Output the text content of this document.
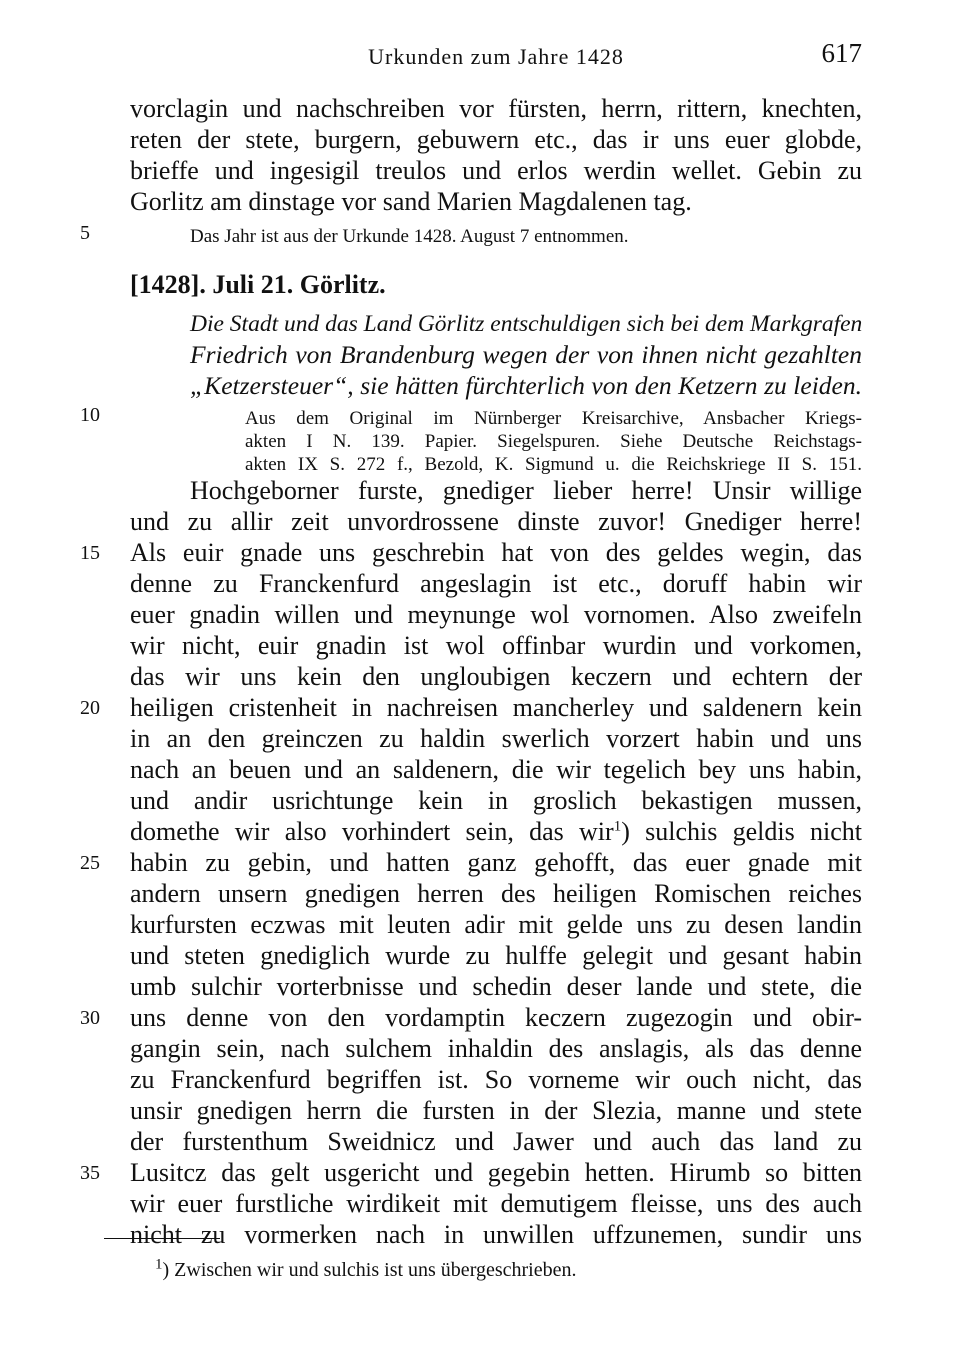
Urkunden zum Jahre 1428	617
vorclagin und nachschreiben vor fürsten, herrn, rittern, knechten,
reten der stete, burgern, gebuwern etc., das ir uns euer globde,
brieffe und ingesigil treulos und erlos werdin wellet. Gebin zu
Gorlitz am dinstage vor sand Marien Magdalenen tag.
Das Jahr ist aus der Urkunde 1428. August 7 entnommen.
[1428]. Juli 21. Görlitz.
Die Stadt und das Land Görlitz entschuldigen sich bei dem Markgrafen
Friedrich von Brandenburg wegen der von ihnen nicht gezahlten
„Ketzersteuer“, sie hätten fürchterlich von den Ketzern zu leiden.
Aus dem Original im Nürnberger Kreisarchive, Ansbacher Kriegs-
akten I N. 139. Papier. Siegelspuren. Siehe Deutsche Reichstags-
akten IX S. 272 f., Bezold, K. Sigmund u. die Reichskriege II S. 151.
Hochgeborner furste, gnediger lieber herre! Unsir willige
und zu allir zeit unvordrossene dinste zuvor! Gnediger herre!
Als euir gnade uns geschrebin hat von des geldes wegin, das
denne zu Franckenfurd angeslagin ist etc., doruff habin wir
euer gnadin willen und meynunge wol vornomen. Also zweifeln
wir nicht, euir gnadin ist wol offinbar wurdin und vorkomen,
das wir uns kein den ungloubigen keczern und echtern der
heiligen cristenheit in nachreisen mancherley und saldenern kein
in an den greinczen zu haldin swerlich vorzert habin und uns
nach an beuen und an saldenern, die wir tegelich bey uns habin,
und andir usrichtunge kein in groslich bekastigen mussen,
domethe wir also vorhindert sein, das wir$^1$) sulchis geldis nicht
habin zu gebin, und hatten ganz gehofft, das euer gnade mit
andern unsern gnedigen herren des heiligen Romischen reiches
kurfursten eczwas mit leuten adir mit gelde uns zu desen landin
und steten gnediglich wurde zu hulffe gelegit und gesant habin
umb sulchir vorterbnisse und schedin deser lande und stete, die
uns denne von den vordamptin keczern zugezogin und obir-
gangin sein, nach sulchem inhaldin des anslagis, als das denne
zu Franckenfurd begriffen ist. So vorneme wir ouch nicht, das
unsir gnedigen herrn die fursten in der Slezia, manne und stete
der furstenthum Sweidnicz und Jawer und auch das land zu
Lusitcz das gelt usgericht und gegebin hetten. Hirumb so bitten
wir euer furstliche wirdikeit mit demutigem fleisse, uns des auch
nicht zu vormerken nach in unwillen uffzunemen, sundir uns
5
10
15
20
25
30
35
$^1$) Zwischen wir und sulchis ist uns übergeschrieben.
